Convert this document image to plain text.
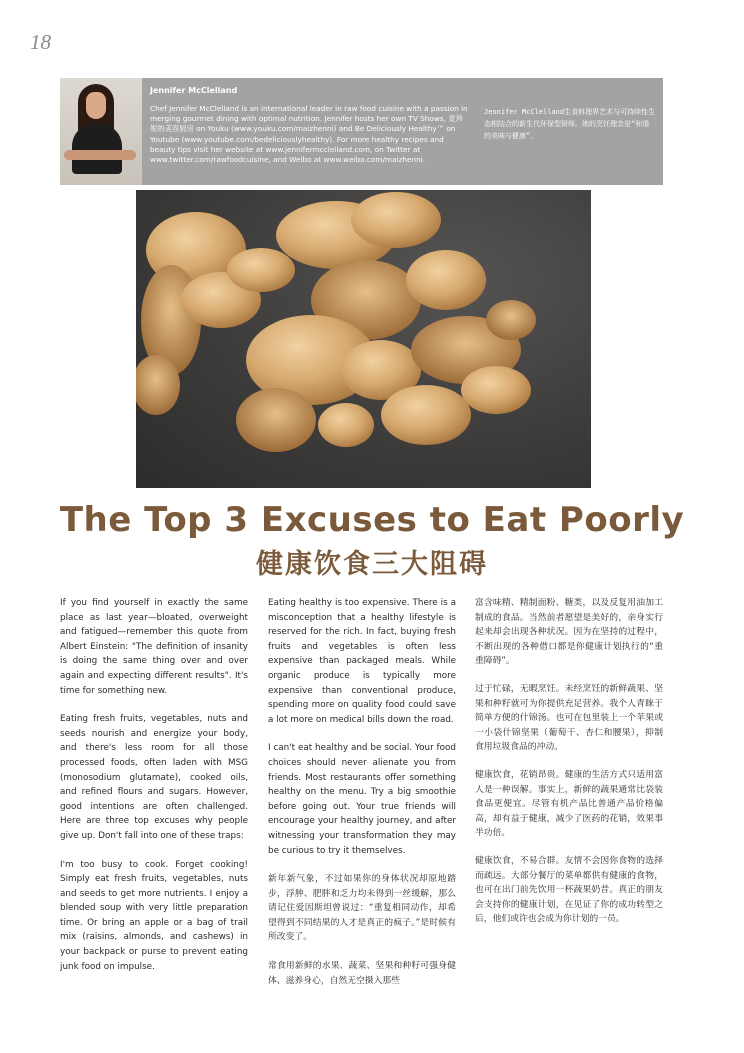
18

Jennifer McClelland

Chef Jennifer McClelland is an international leader in raw food cuisine with a passion in merging gourmet dining with optimal nutrition. Jennifer hosts her own TV Shows, 麦珍妮的美容厨房 on Youku (www.youku.com/maizhenni) and Be Deliciously Healthy™ on Youtube (www.youtube.com/bedeliciouslyhealthy). For more healthy recipes and beauty tips visit her website at www.jennifermcclelland.com, on Twitter at www.twitter.com/rawfoodcuisine, and Weibo at www.weibo.com/maizhenni.

Jennifer McClelland生食料理界艺术与可持续性生态相结合的新生代环保型厨师。她的烹饪理念是“和谐的美味与健康”。

The Top 3 Excuses to Eat Poorly
健康饮食三大阻碍

If you find yourself in exactly the same place as last year—bloated, overweight and fatigued—remember this quote from Albert Einstein: "The definition of insanity is doing the same thing over and over again and expecting different results". It's time for something new.

Eating fresh fruits, vegetables, nuts and seeds nourish and energize your body, and there's less room for all those processed foods, often laden with MSG (monosodium glutamate), cooked oils, and refined flours and sugars. However, good intentions are often challenged. Here are three top excuses why people give up. Don't fall into one of these traps:

I'm too busy to cook. Forget cooking! Simply eat fresh fruits, vegetables, nuts and seeds to get more nutrients. I enjoy a blended soup with very little preparation time. Or bring an apple or a bag of trail mix (raisins, almonds, and cashews) in your backpack or purse to prevent eating junk food on impulse.

Eating healthy is too expensive. There is a misconception that a healthy lifestyle is reserved for the rich. In fact, buying fresh fruits and vegetables is often less expensive than packaged meals. While organic produce is typically more expensive than conventional produce, spending more on quality food could save a lot more on medical bills down the road.

I can't eat healthy and be social. Your food choices should never alienate you from friends. Most restaurants offer something healthy on the menu. Try a big smoothie before going out. Your true friends will encourage your healthy journey, and after witnessing your transformation they may be curious to try it themselves.

新年新气象，不过如果你的身体状况却原地踏步，浮肿、肥胖和乏力均未得到一丝缓解，那么请记住爱因斯坦曾说过：“重复相同动作，却希望得到不同结果的人才是真正的疯子。”是时候有所改变了。

常食用新鲜的水果、蔬菜、坚果和种籽可强身健体、滋养身心，自然无空摄入那些

富含味精、精制面粉、糖类，以及反复用油加工制成的食品。当然前者愿望是美好的，亲身实行起来却会出现各种状况。因为在坚持的过程中，不断出现的各种借口都是你健康计划执行的“重重障碍”。

过于忙碌，无暇烹饪。未经烹饪的新鲜蔬果、坚果和种籽就可为你提供充足营养。我个人青睐于简单方便的什锦汤。也可在包里装上一个苹果或一小袋什锦坚果（葡萄干、杏仁和腰果），抑制食用垃圾食品的冲动。

健康饮食，花销昂贵。健康的生活方式只适用富人是一种误解。事实上，新鲜的蔬果通常比袋装食品更便宜。尽管有机产品比普通产品价格偏高，却有益于健康，减少了医药的花销，效果事半功倍。

健康饮食，不易合群。友情不会因你食物的选择而疏远。大部分餐厅的菜单都供有健康的食物，也可在出门前先饮用一杯蔬果奶昔。真正的朋友会支持你的健康计划，在见证了你的成功转型之后，他们或许也会成为你计划的一员。
